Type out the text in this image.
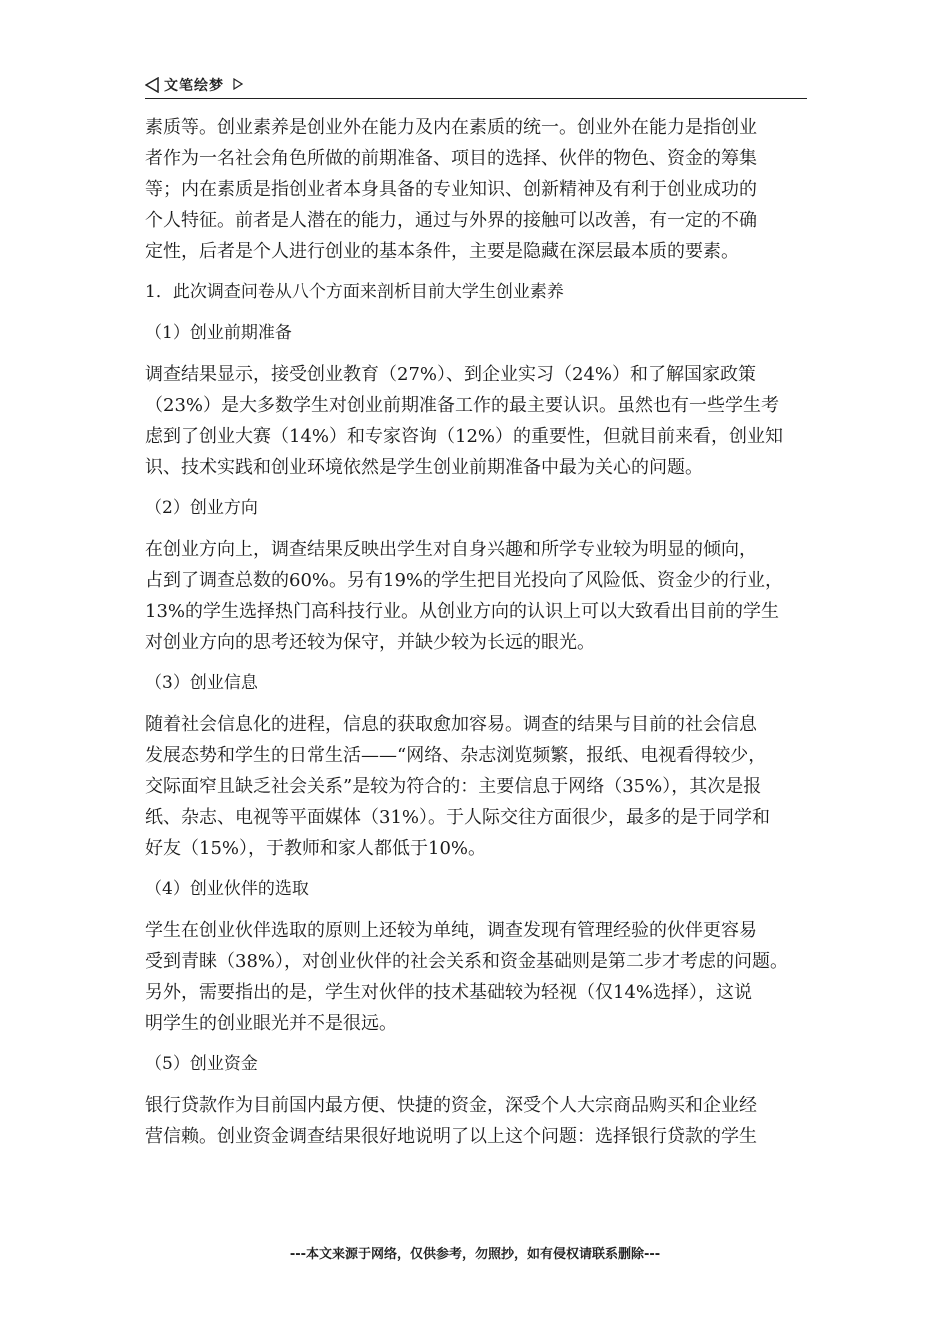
文笔绘梦
素质等。创业素养是创业外在能力及内在素质的统一。创业外在能力是指创业
者作为一名社会角色所做的前期准备、项目的选择、伙伴的物色、资金的筹集
等；内在素质是指创业者本身具备的专业知识、创新精神及有利于创业成功的
个人特征。前者是人潜在的能力，通过与外界的接触可以改善，有一定的不确
定性，后者是个人进行创业的基本条件，主要是隐藏在深层最本质的要素。
1．此次调查问卷从八个方面来剖析目前大学生创业素养
（1）创业前期准备
调查结果显示，接受创业教育（27%）、到企业实习（24%）和了解国家政策
（23%）是大多数学生对创业前期准备工作的最主要认识。虽然也有一些学生考
虑到了创业大赛（14%）和专家咨询（12%）的重要性，但就目前来看，创业知
识、技术实践和创业环境依然是学生创业前期准备中最为关心的问题。
（2）创业方向
在创业方向上，调查结果反映出学生对自身兴趣和所学专业较为明显的倾向，
占到了调查总数的60%。另有19%的学生把目光投向了风险低、资金少的行业，
13%的学生选择热门高科技行业。从创业方向的认识上可以大致看出目前的学生
对创业方向的思考还较为保守，并缺少较为长远的眼光。
（3）创业信息
随着社会信息化的进程，信息的获取愈加容易。调查的结果与目前的社会信息
发展态势和学生的日常生活——“网络、杂志浏览频繁，报纸、电视看得较少，
交际面窄且缺乏社会关系”是较为符合的：主要信息于网络（35%），其次是报
纸、杂志、电视等平面媒体（31%）。于人际交往方面很少，最多的是于同学和
好友（15%），于教师和家人都低于10%。
（4）创业伙伴的选取
学生在创业伙伴选取的原则上还较为单纯，调查发现有管理经验的伙伴更容易
受到青睐（38%），对创业伙伴的社会关系和资金基础则是第二步才考虑的问题。
另外，需要指出的是，学生对伙伴的技术基础较为轻视（仅14%选择），这说
明学生的创业眼光并不是很远。
（5）创业资金
银行贷款作为目前国内最方便、快捷的资金，深受个人大宗商品购买和企业经
营信赖。创业资金调查结果很好地说明了以上这个问题：选择银行贷款的学生
---本文来源于网络，仅供参考，勿照抄，如有侵权请联系删除---
